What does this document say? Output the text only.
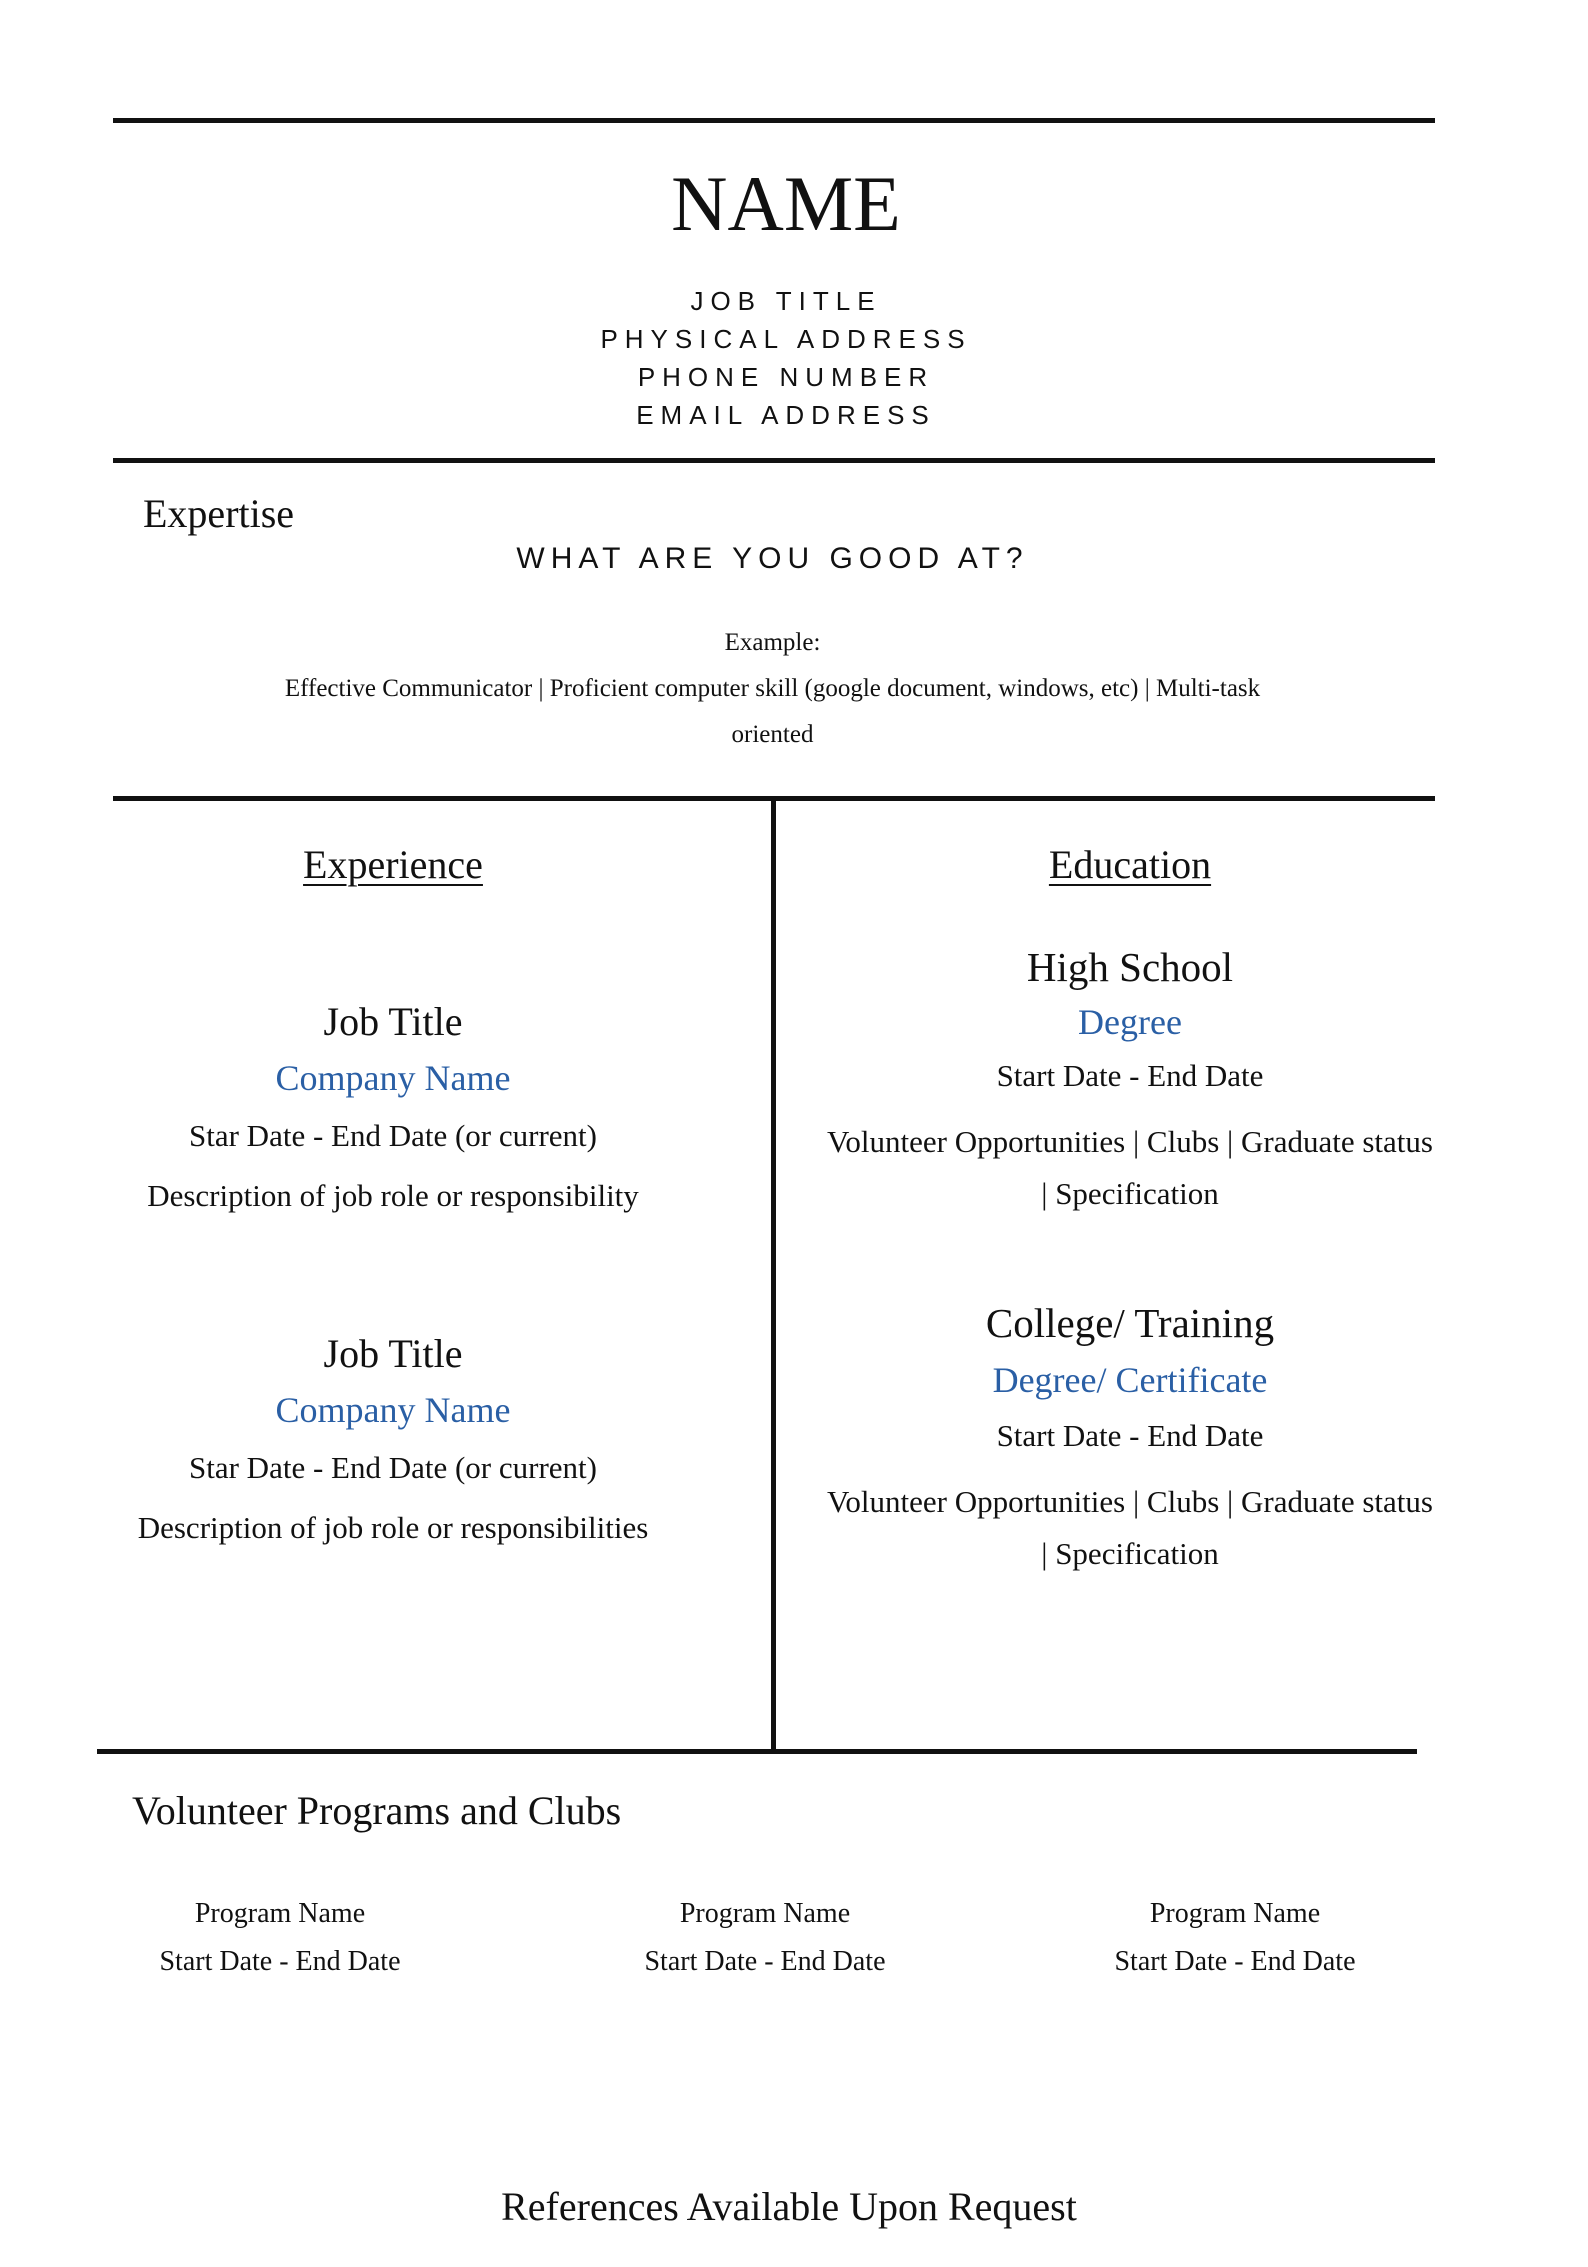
NAME
JOB TITLE
PHYSICAL ADDRESS
PHONE NUMBER
EMAIL ADDRESS
Expertise
WHAT ARE YOU GOOD AT?
Example:
Effective Communicator | Proficient computer skill (google document, windows, etc) | Multi-task
oriented
Experience
Job Title
Company Name
Star Date - End Date (or current)
Description of job role or responsibility
Job Title
Company Name
Star Date - End Date (or current)
Description of job role or responsibilities
Education
High School
Degree
Start Date - End Date
Volunteer Opportunities | Clubs | Graduate status
| Specification
College/ Training
Degree/ Certificate
Start Date - End Date
Volunteer Opportunities | Clubs | Graduate status
| Specification
Volunteer Programs and Clubs
Program Name
Start Date - End Date
Program Name
Start Date - End Date
Program Name
Start Date - End Date
References Available Upon Request
